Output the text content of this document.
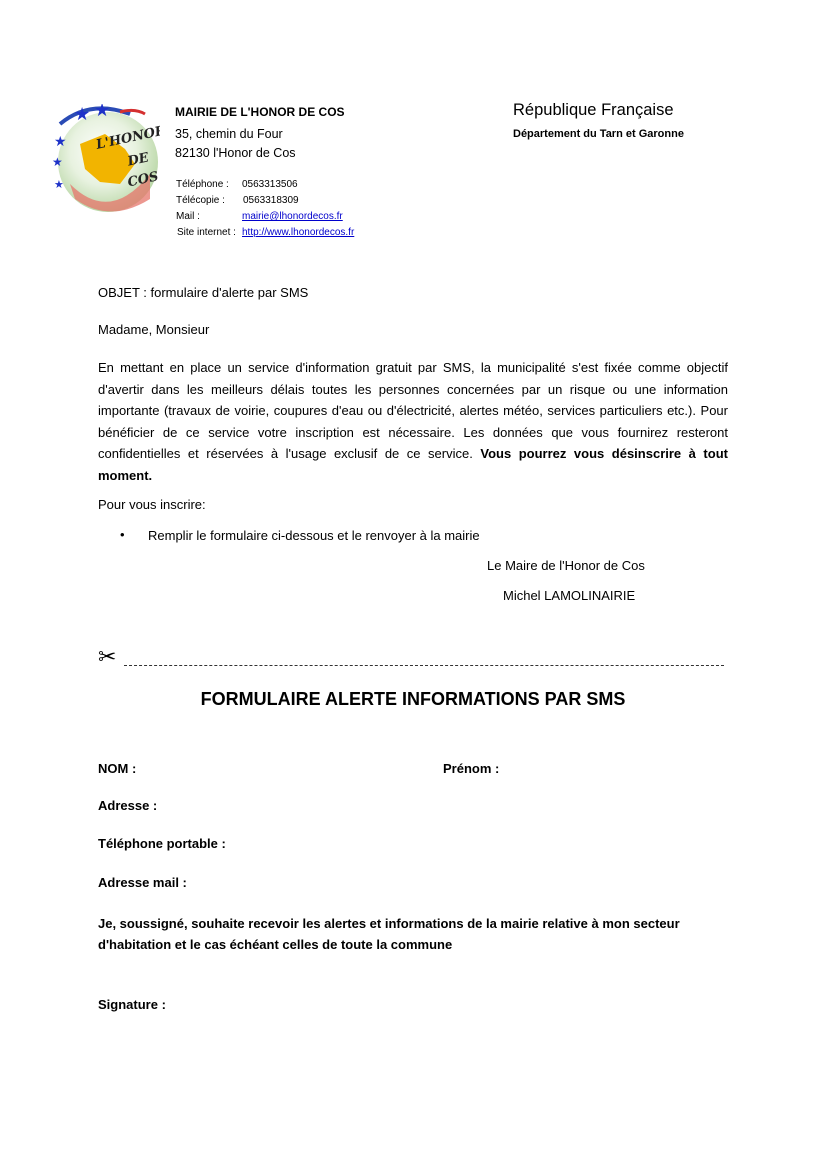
★ ★
★
★
★
L'HONOR
DE
COS
MAIRIE DE L'HONOR DE COS
35, chemin du Four
82130 l'Honor de Cos
Téléphone : 0563313506
Télécopie : 0563318309
Mail :	mairie@lhonordecos.fr
Site internet : http://www.lhonordecos.fr
République Française
Département du Tarn et Garonne
OBJET : formulaire d'alerte par SMS
Madame, Monsieur
En mettant en place un service d'information gratuit par SMS, la municipalité s'est fixée comme objectif d'avertir dans les meilleurs délais toutes les personnes concernées par un risque ou une information importante (travaux de voirie, coupures d'eau ou d'électricité, alertes météo, services particuliers etc.). Pour bénéficier de ce service votre inscription est nécessaire. Les données que vous fournirez resteront confidentielles et réservées à l'usage exclusif de ce service. Vous pourrez vous désinscrire à tout moment.
Pour vous inscrire:
• Remplir le formulaire ci-dessous et le renvoyer à la mairie
Le Maire de l'Honor de Cos
Michel LAMOLINAIRIE
✂
FORMULAIRE ALERTE INFORMATIONS PAR SMS
NOM :	Prénom :
Adresse :
Téléphone portable :
Adresse mail :
Je, soussigné, souhaite recevoir les alertes et informations de la mairie relative à mon secteur d'habitation et le cas échéant celles de toute la commune
Signature :
